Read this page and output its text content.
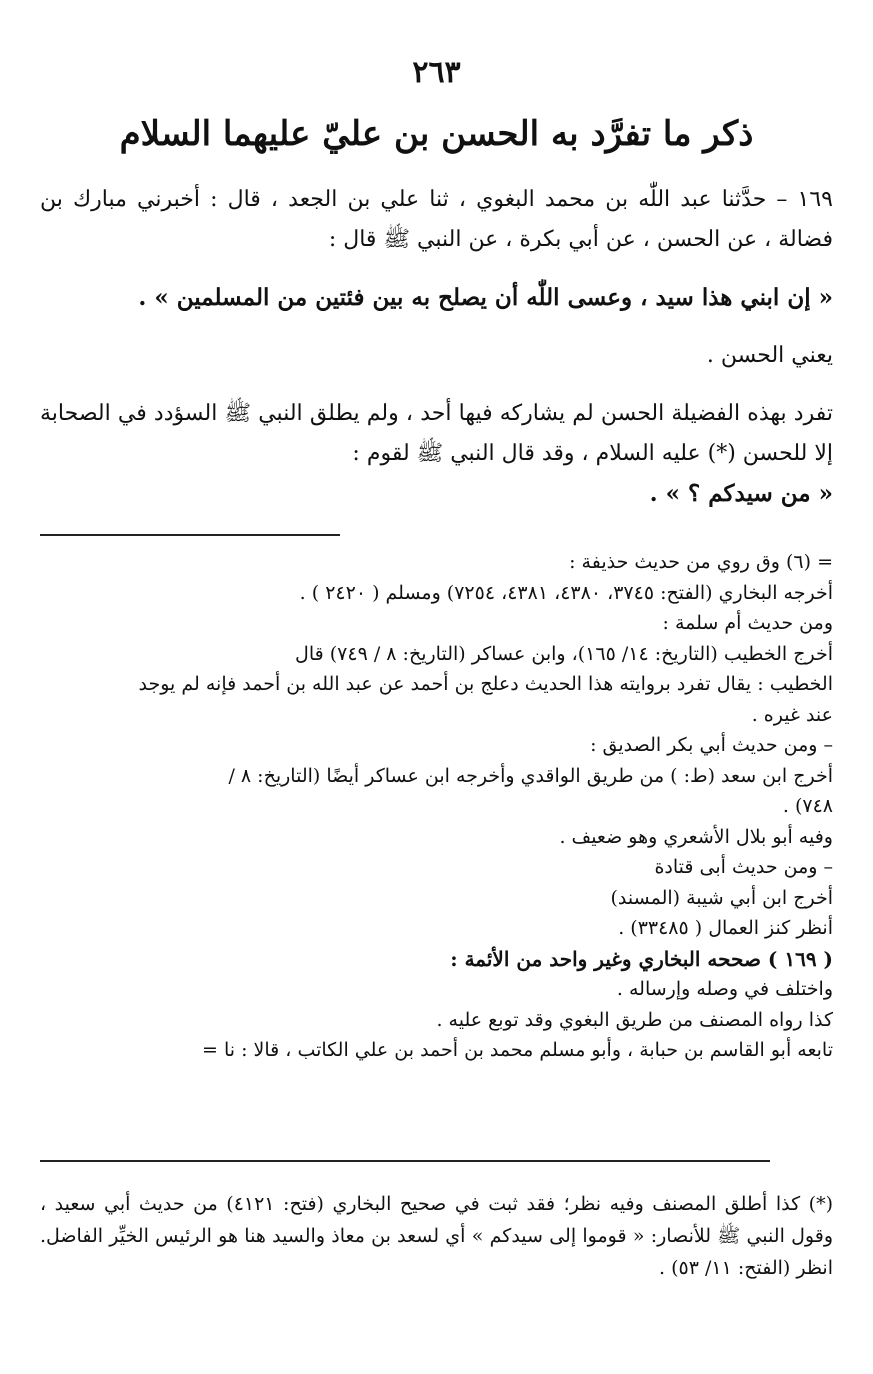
٢٦٣
ذكر ما تفرَّد به الحسن بن عليّ عليهما السلام

١٦٩ – حدَّثنا عبد اللّٰه بن محمد البغوي ، ثنا علي بن الجعد ، قال : أخبرني مبارك بن فضالة ، عن الحسن ، عن أبي بكرة ، عن النبي ﷺ قال :

« إن ابني هذا سيد ، وعسى اللّٰه أن يصلح به بين فئتين من المسلمين » .

يعني الحسن .

تفرد بهذه الفضيلة الحسن لم يشاركه فيها أحد ، ولم يطلق النبي ﷺ السؤدد في الصحابة إلا للحسن (*) عليه السلام ، وقد قال النبي ﷺ لقوم :

« من سيدكم ؟ » .

= (٦) وق روي من حديث حذيفة :
أخرجه البخاري (الفتح: ٣٧٤٥، ٤٣٨٠، ٤٣٨١، ٧٢٥٤) ومسلم ( ٢٤٢٠ ) .
ومن حديث أم سلمة :
أخرج الخطيب (التاريخ: ١٤/ ١٦٥)، وابن عساكر (التاريخ: ٨ / ٧٤٩) قال
الخطيب : يقال تفرد بروايته هذا الحديث دعلج بن أحمد عن عبد الله بن أحمد فإنه لم يوجد
عند غيره .
– ومن حديث أبي بكر الصديق :
أخرج ابن سعد (ط: ) من طريق الواقدي وأخرجه ابن عساكر أيضًا (التاريخ: ٨ /
٧٤٨) .
وفيه أبو بلال الأشعري وهو ضعيف .
– ومن حديث أبى قتادة
أخرج ابن أبي شيبة (المسند)
أنظر كنز العمال ( ٣٣٤٨٥) .
( ١٦٩ ) صححه البخاري وغير واحد من الأئمة :
واختلف في وصله وإرساله .
كذا رواه المصنف من طريق البغوي وقد توبع عليه .
تابعه أبو القاسم بن حبابة ، وأبو مسلم محمد بن أحمد بن علي الكاتب ، قالا : نا =
(*) كذا أطلق المصنف وفيه نظر؛ فقد ثبت في صحيح البخاري (فتح: ٤١٢١) من حديث أبي سعيد ، وقول النبي ﷺ للأنصار: « قوموا إلى سيدكم » أي لسعد بن معاذ والسيد هنا هو الرئيس الخيِّر الفاضل. انظر (الفتح: ١١/ ٥٣) .
